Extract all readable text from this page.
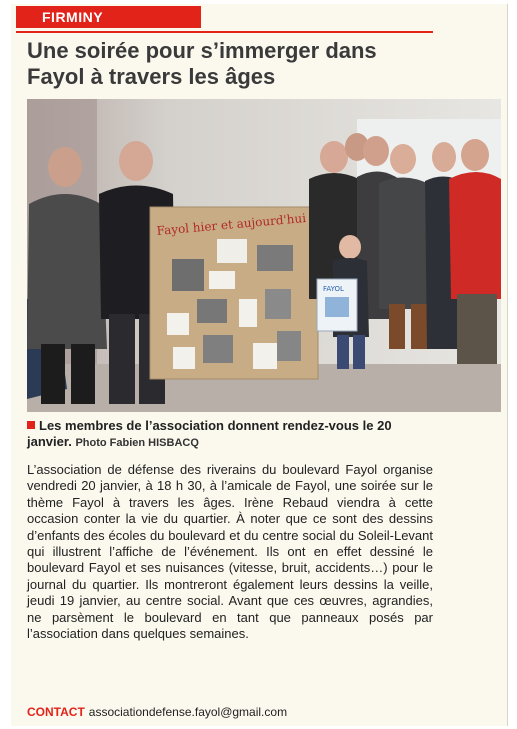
FIRMINY
Une soirée pour s’immerger dans Fayol à travers les âges
Fayol hier et aujourd'hui
FAYOL
Les membres de l’association donnent rendez-vous le 20 janvier. Photo Fabien HISBACQ

L’association de défense des riverains du boulevard Fayol organise vendredi 20 janvier, à 18 h 30, à l’amicale de Fayol, une soirée sur le thème Fayol à travers les âges. Irène Rebaud viendra à cette occasion conter la vie du quartier. À noter que ce sont des dessins d’enfants des écoles du boulevard et du centre social du Soleil-Levant qui illustrent l’affiche de l’événement. Ils ont en effet dessiné le boulevard Fayol et ses nuisances (vitesse, bruit, accidents…) pour le journal du quartier. Ils montreront également leurs dessins la veille, jeudi 19 janvier, au centre social. Avant que ces œuvres, agrandies, ne parsèment le boulevard en tant que panneaux posés par l’association dans quelques semaines.

CONTACT associationdefense.fayol@gmail.com
